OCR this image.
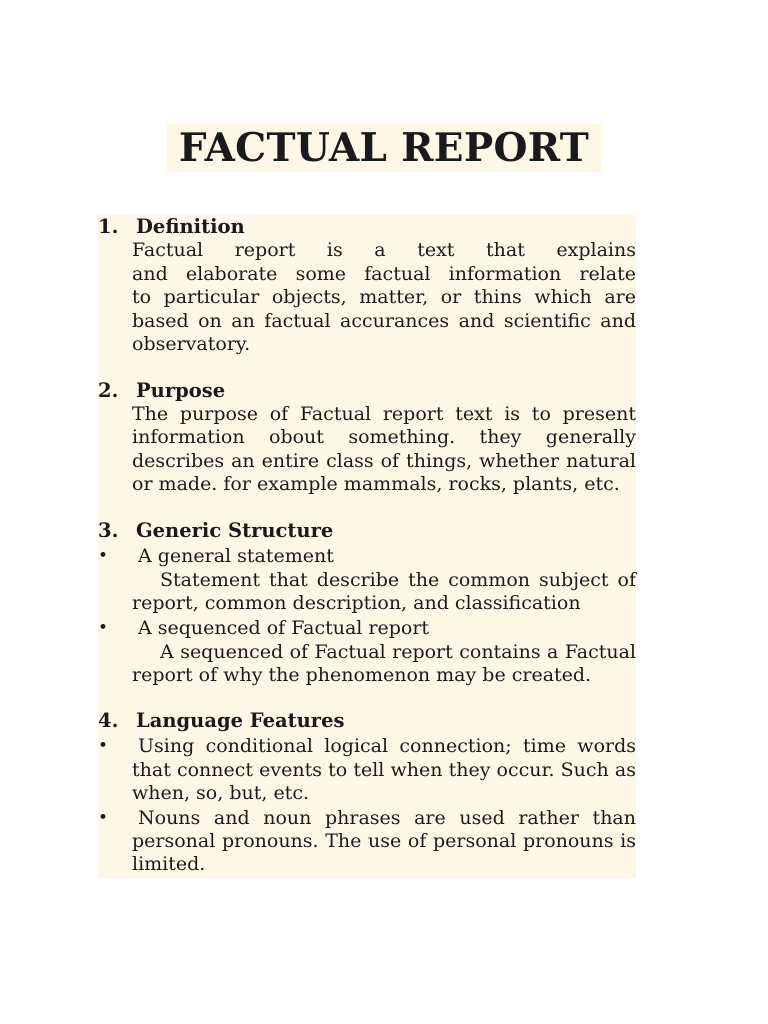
FACTUAL REPORT
1. Definition
Factual report is a text that explains
and elaborate some factual information relate
to particular objects, matter, or thins which are
based on an factual accurances and scientific and
observatory.
2. Purpose
The purpose of Factual report text is to present
information obout something. they generally
describes an entire class of things, whether natural
or made. for example mammals, rocks, plants, etc.
3. Generic Structure
• A general statement
Statement that describe the common subject of
report, common description, and classification
• A sequenced of Factual report
A sequenced of Factual report contains a Factual
report of why the phenomenon may be created.
4. Language Features
•	Using conditional logical connection; time words
that connect events to tell when they occur. Such as
when, so, but, etc.
•	Nouns and noun phrases are used rather than
personal pronouns. The use of personal pronouns is
limited.
